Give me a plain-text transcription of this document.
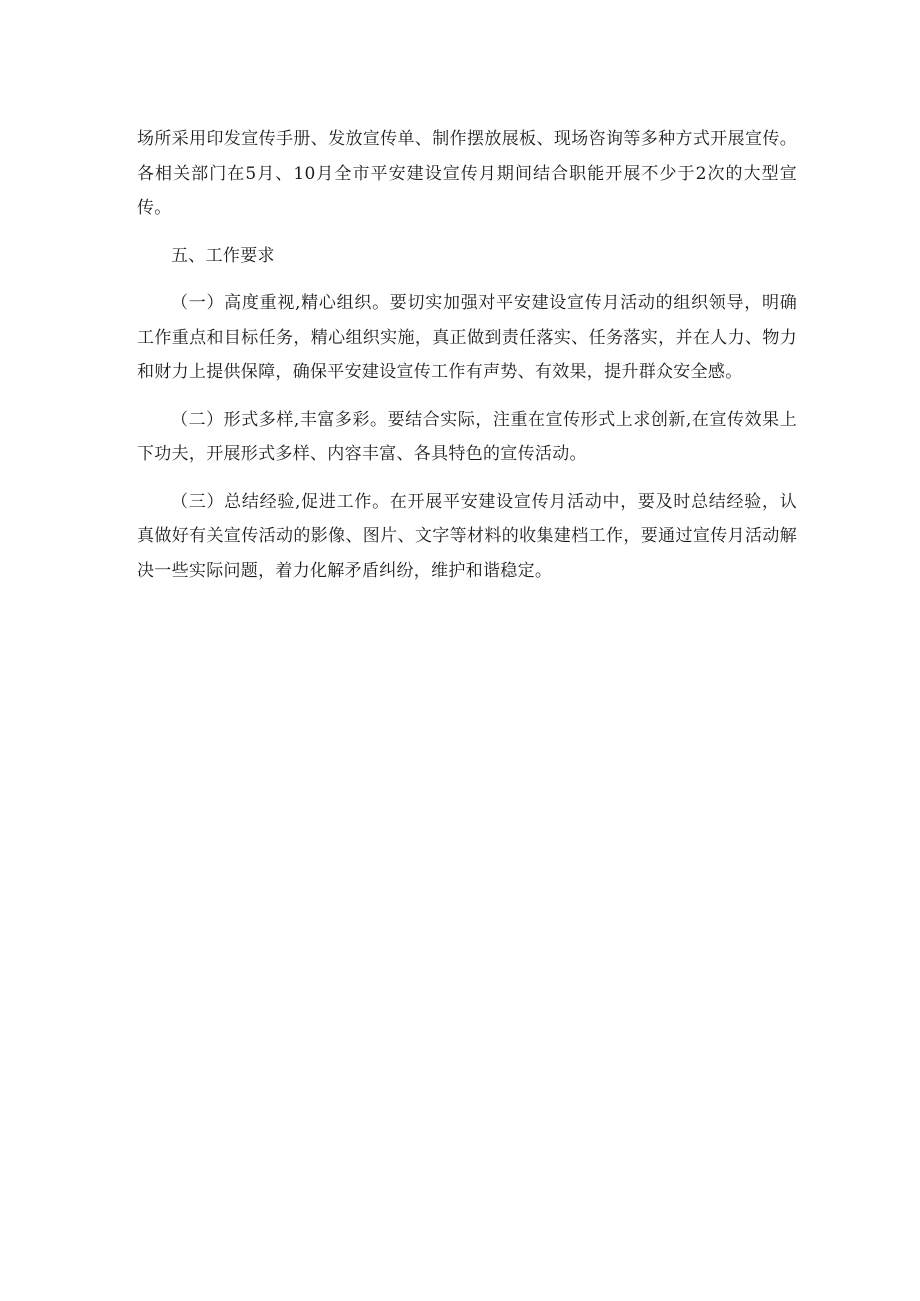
场所采用印发宣传手册、发放宣传单、制作摆放展板、现场咨询等多种方式开展宣传。各相关部门在5月、10月全市平安建设宣传月期间结合职能开展不少于2次的大型宣传。

五、工作要求

（一）高度重视,精心组织。要切实加强对平安建设宣传月活动的组织领导，明确工作重点和目标任务，精心组织实施，真正做到责任落实、任务落实，并在人力、物力和财力上提供保障，确保平安建设宣传工作有声势、有效果，提升群众安全感。

（二）形式多样,丰富多彩。要结合实际，注重在宣传形式上求创新,在宣传效果上下功夫，开展形式多样、内容丰富、各具特色的宣传活动。

（三）总结经验,促进工作。在开展平安建设宣传月活动中，要及时总结经验，认真做好有关宣传活动的影像、图片、文字等材料的收集建档工作，要通过宣传月活动解决一些实际问题，着力化解矛盾纠纷，维护和谐稳定。
